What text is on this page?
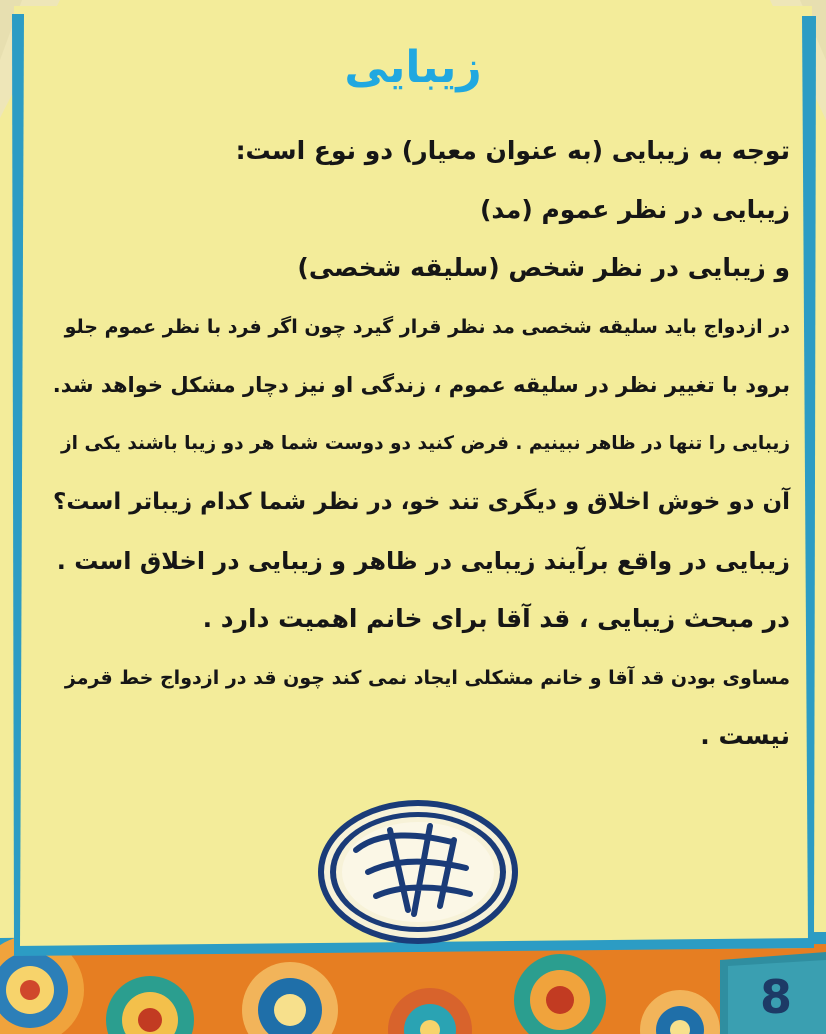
زیبایی
توجه به زیبایی (به عنوان معیار) دو نوع است:
زیبایی در نظر عموم (مد)
و زیبایی در نظر شخص (سلیقه شخصی)
در ازدواج باید سلیقه شخصی مد نظر قرار گیرد چون اگر فرد با نظر عموم جلو
برود با تغییر نظر در سلیقه عموم ، زندگی او نیز دچار مشکل خواهد شد.
زیبایی را تنها در ظاهر نبینیم . فرض کنید دو دوست شما هر دو زیبا باشند یکی از
آن دو خوش اخلاق و دیگری تند خو، در نظر شما کدام زیباتر است؟
زیبایی در واقع برآیند زیبایی در ظاهر و زیبایی در اخلاق است .
در مبحث زیبایی ، قد آقا برای خانم اهمیت دارد .
مساوی بودن قد آقا و خانم مشکلی ایجاد نمی کند چون قد در ازدواج خط قرمز
نیست .
8
